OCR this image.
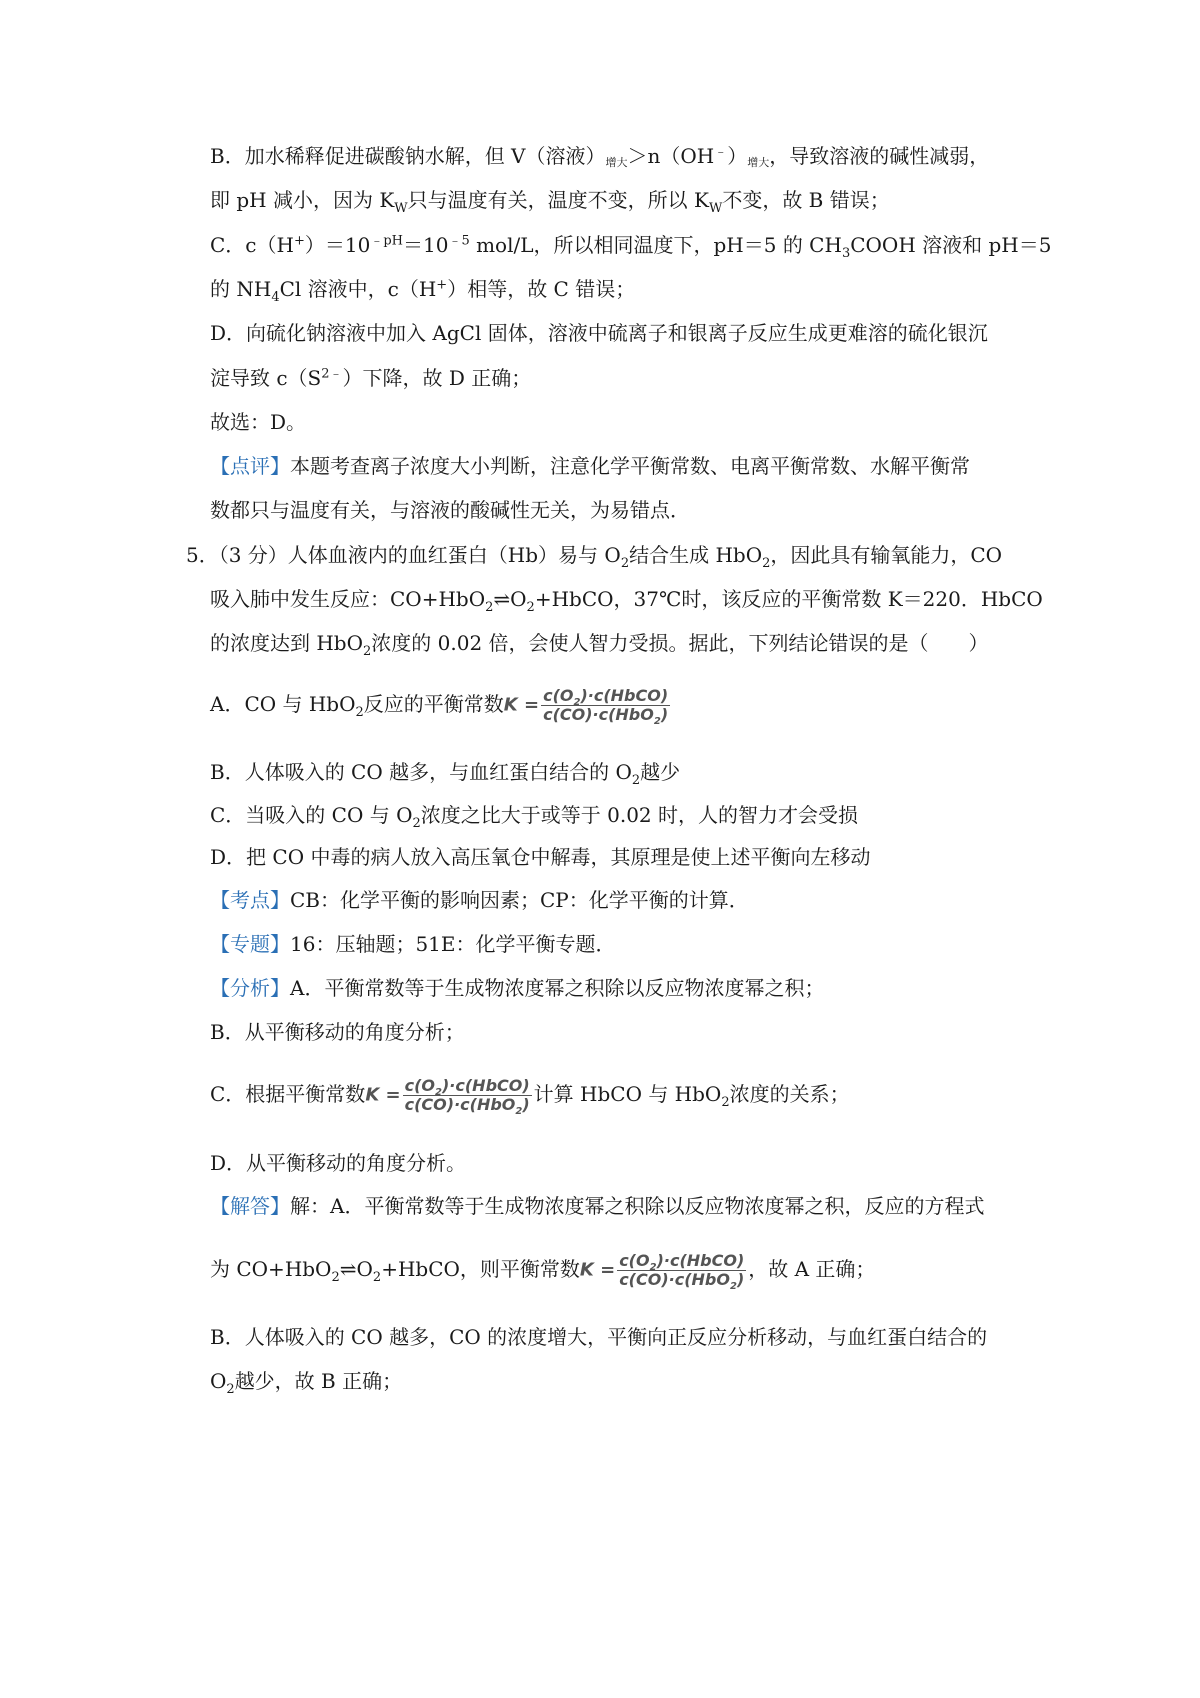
B．加水稀释促进碳酸钠水解，但 V（溶液）增大＞n（OH﹣）增大，导致溶液的碱性减弱，
即 pH 减小，因为 $K_W$只与温度有关，温度不变，所以 $K_W$不变，故 B 错误；
C．$c(H^+)=10^{﹣pH}=10^{﹣5}$ mol/L，所以相同温度下，pH＝5 的 $CH_3COOH$ 溶液和 pH＝5
的 $NH_4Cl$ 溶液中，c（H+）相等，故 C 错误；
D．向硫化钠溶液中加入 AgCl 固体，溶液中硫离子和银离子反应生成更难溶的硫化银沉
淀导致 $c(S^{2﹣})$下降，故 D 正确；
故选：D。
【点评】本题考查离子浓度大小判断，注意化学平衡常数、电离平衡常数、水解平衡常
数都只与温度有关，与溶液的酸碱性无关，为易错点．
5．（3 分）人体血液内的血红蛋白（Hb）易与 $O_2$结合生成 HbO$_2$，因此具有输氧能力，CO
吸入肺中发生反应：$CO+HbO_2\rightleftharpoons O_2+HbCO$，37℃时，该反应的平衡常数 K＝220．HbCO
的浓度达到 HbO$_2$浓度的 0.02 倍，会使人智力受损。据此，下列结论错误的是（　　）
A．CO 与 HbO$_2$反应的平衡常数$K = \frac{c(O_2)\cdot c(HbCO)}{c(CO)\cdot c(HbO_2)}$
B．人体吸入的 CO 越多，与血红蛋白结合的 $O_2$越少
C．当吸入的 CO 与 $O_2$浓度之比大于或等于 0.02 时，人的智力才会受损
D．把 CO 中毒的病人放入高压氧仓中解毒，其原理是使上述平衡向左移动
【考点】CB：化学平衡的影响因素；CP：化学平衡的计算．
【专题】16：压轴题；51E：化学平衡专题．
【分析】A．平衡常数等于生成物浓度幂之积除以反应物浓度幂之积；
B．从平衡移动的角度分析；
C．根据平衡常数$K = \frac{c(O_2)\cdot c(HbCO)}{c(CO)\cdot c(HbO_2)}$ 计算 HbCO 与 HbO$_2$浓度的关系；
D．从平衡移动的角度分析。
【解答】解：A．平衡常数等于生成物浓度幂之积除以反应物浓度幂之积，反应的方程式
为 $CO+HbO_2\rightleftharpoons O_2+HbCO$，则平衡常数$K = \frac{c(O_2)\cdot c(HbCO)}{c(CO)\cdot c(HbO_2)}$ ，故 A 正确；
B．人体吸入的 CO 越多，CO 的浓度增大，平衡向正反应分析移动，与血红蛋白结合的
$O_2$越少，故 B 正确；
